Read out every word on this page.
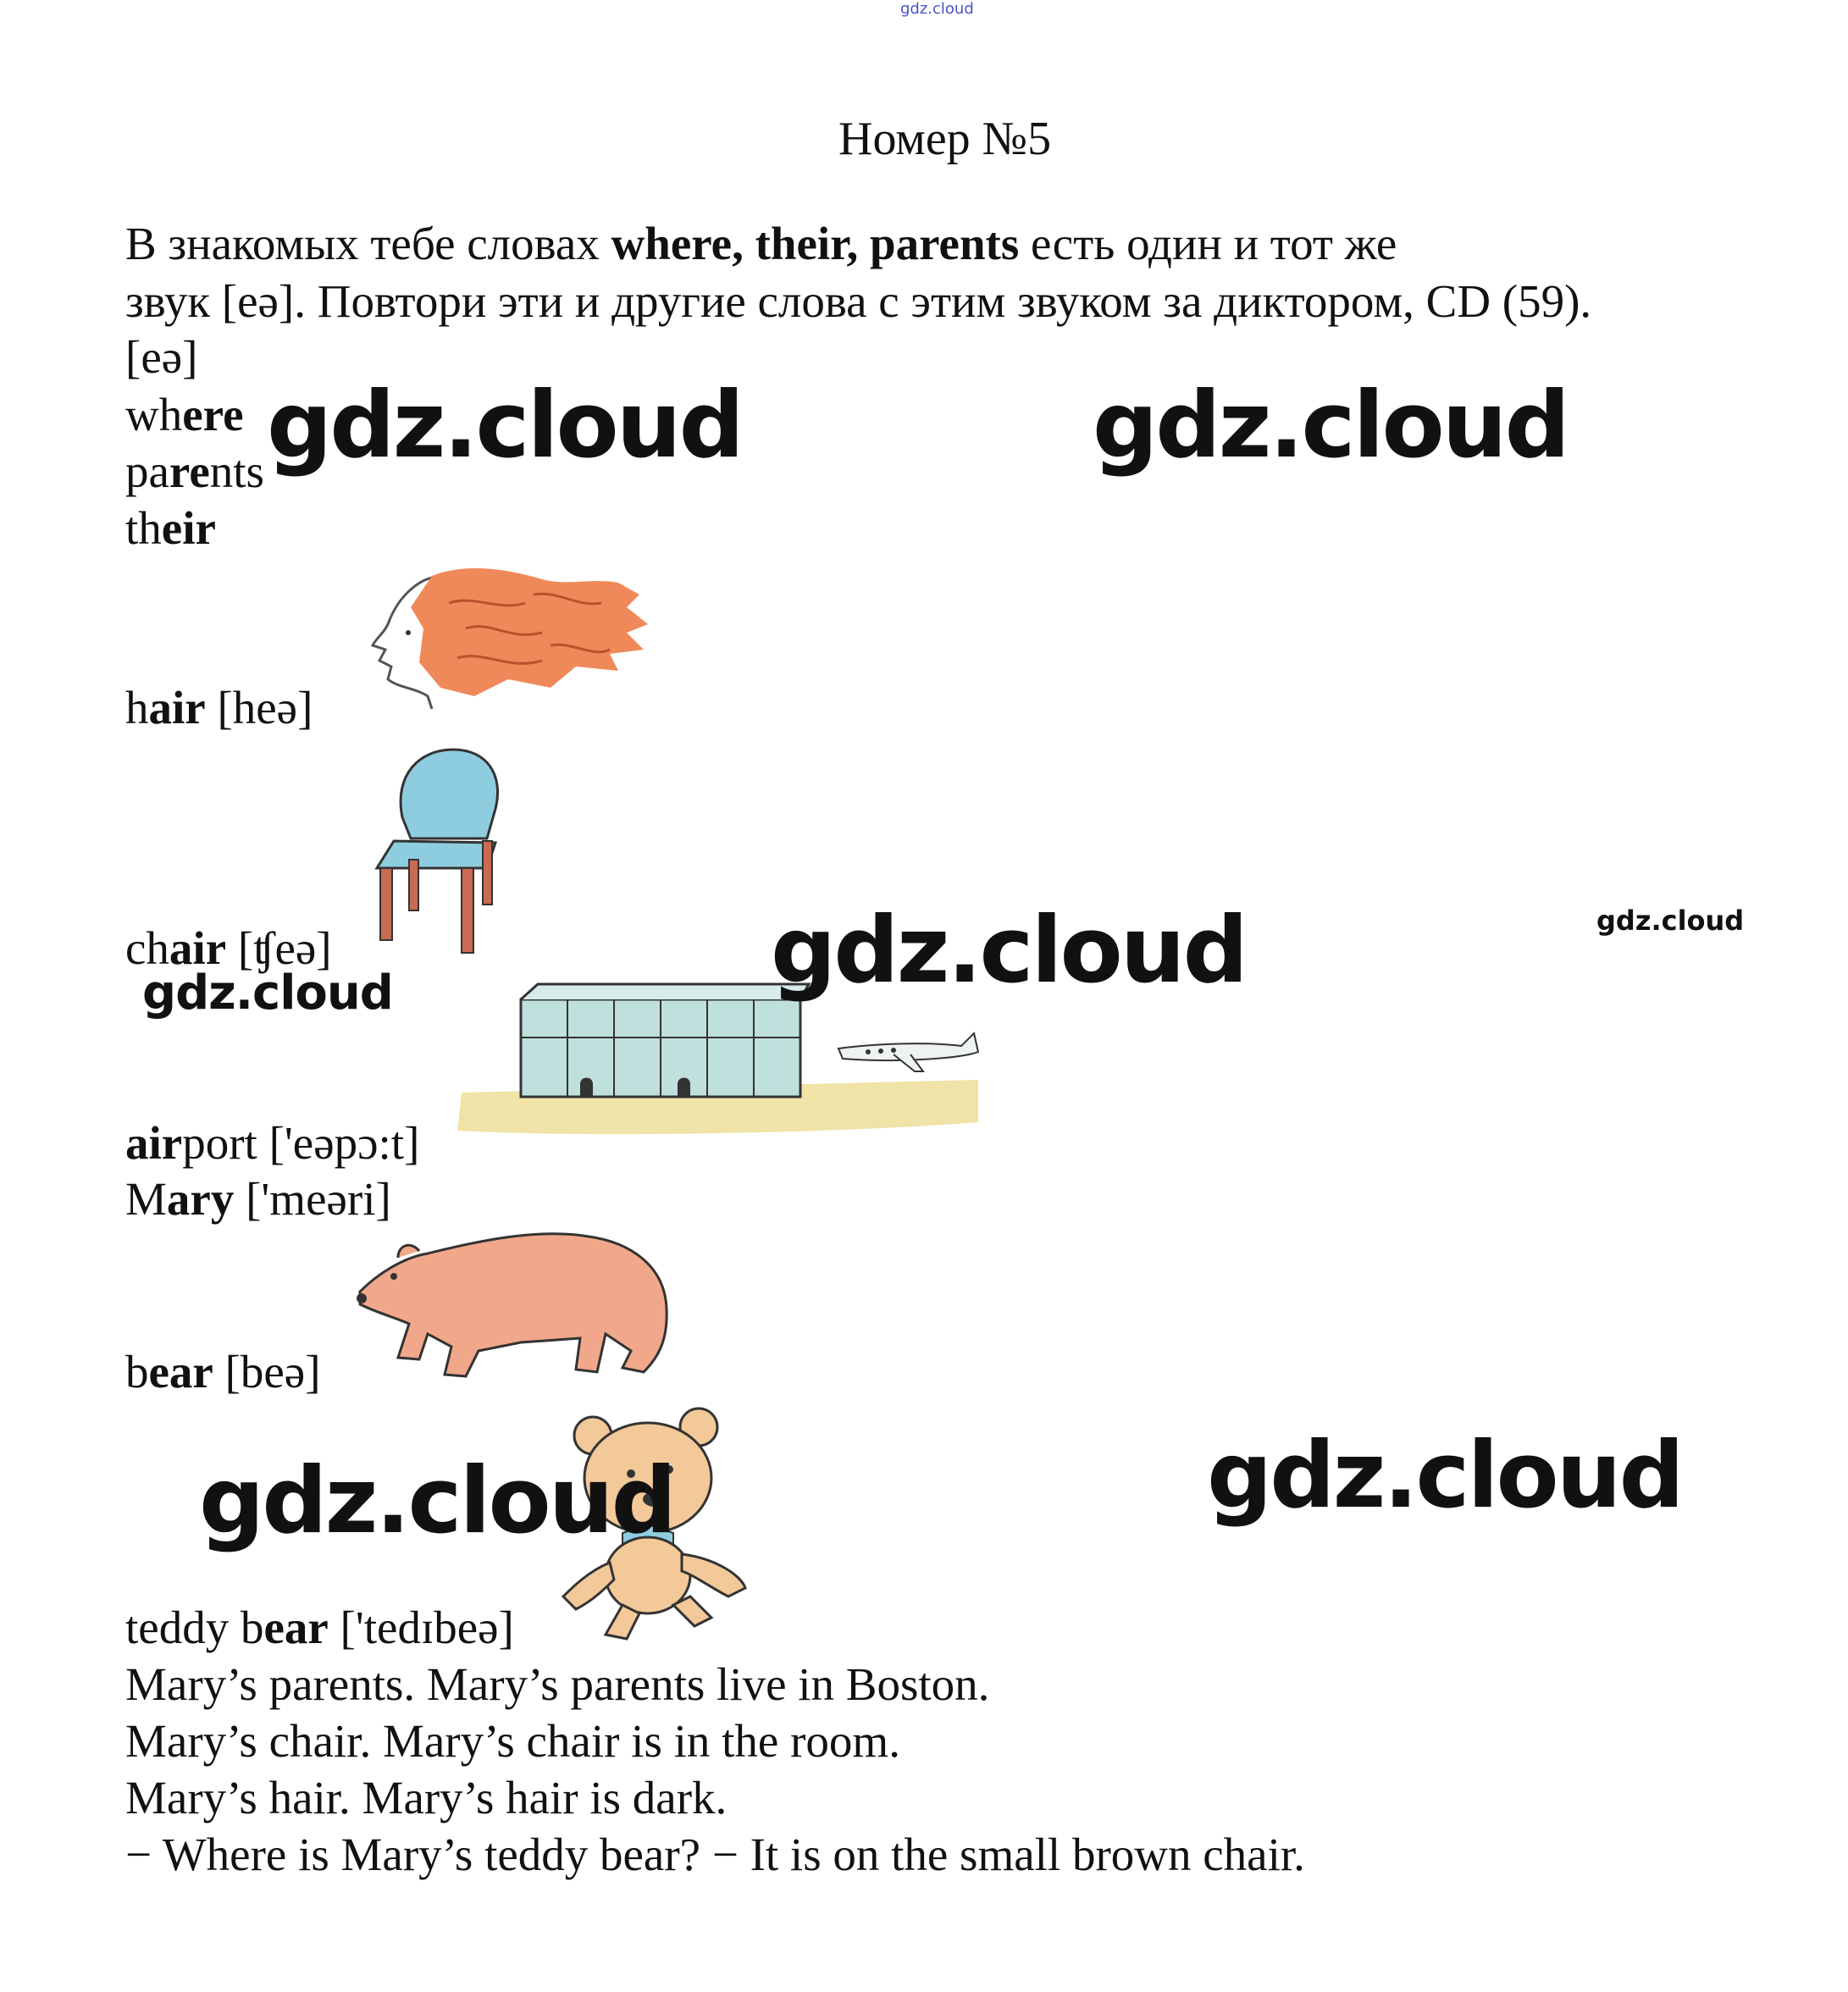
gdz.cloud
Номер №5
В знакомых тебе словах where, their, parents есть один и тот же
звук [eə]. Повтори эти и другие слова с этим звуком за диктором, CD (59).
[eə]
where
parents
their
hair [heə]
chair [ʧeə]
airport ['eəpɔ:t]
Mary ['meəri]
bear [beə]
teddy bear ['tedɪbeə]
Mary’s parents. Mary’s parents live in Boston.
Mary’s chair. Mary’s chair is in the room.
Mary’s hair. Mary’s hair is dark.
− Where is Mary’s teddy bear? − It is on the small brown chair.
gdz.cloud	gdz.cloud
gdz.cloud
gdz.cloud
gdz.cloud
gdz.cloud	gdz.cloud
